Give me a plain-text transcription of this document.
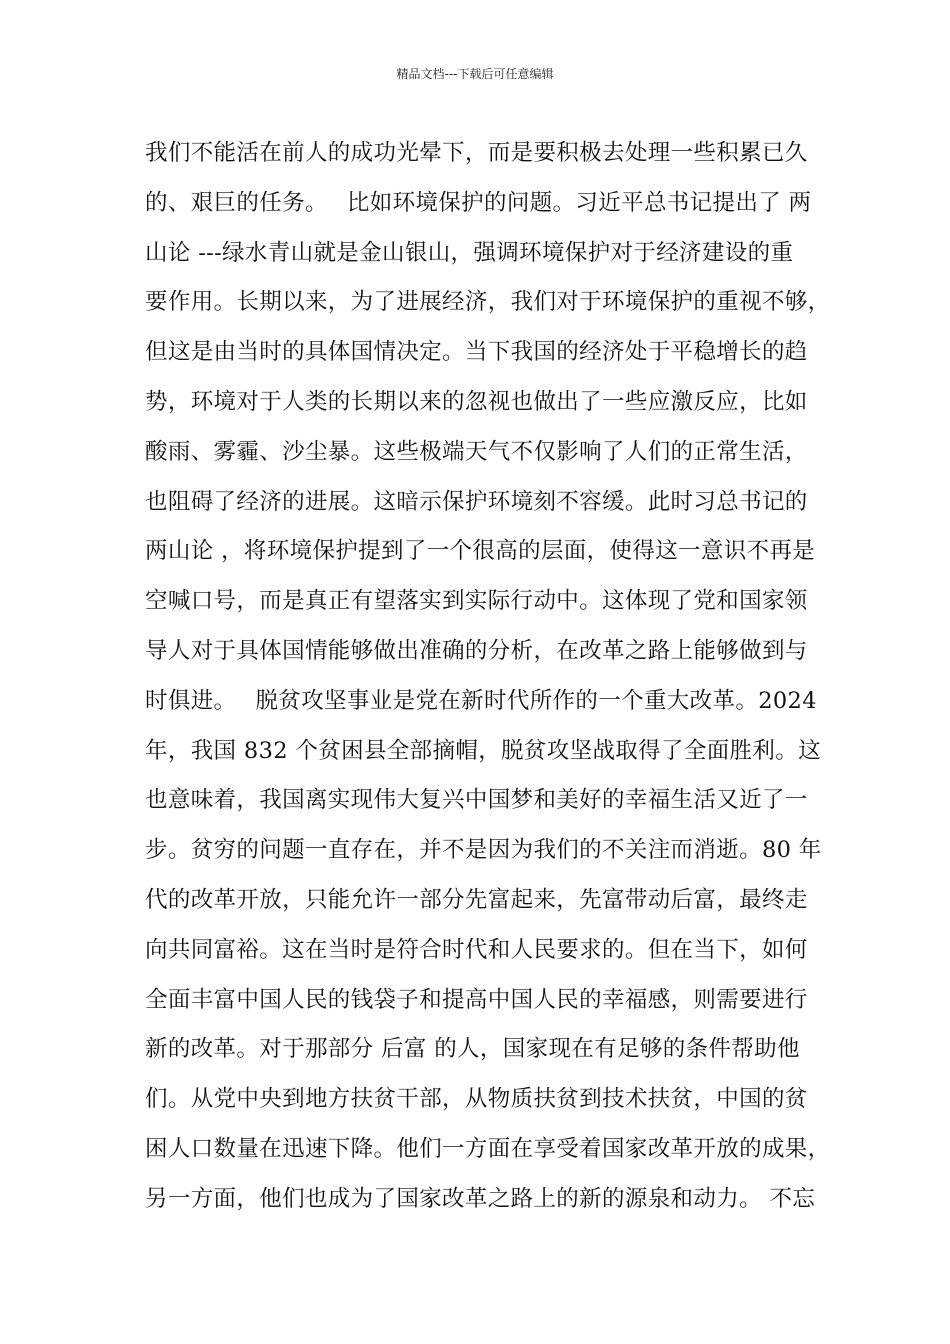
精品文档---下载后可任意编辑
我们不能活在前人的成功光晕下，而是要积极去处理一些积累已久
的、艰巨的任务。　 比如环境保护的问题。习近平总书记提出了 两
山论 ---绿水青山就是金山银山，强调环境保护对于经济建设的重
要作用。长期以来，为了进展经济，我们对于环境保护的重视不够，
但这是由当时的具体国情决定。当下我国的经济处于平稳增长的趋
势，环境对于人类的长期以来的忽视也做出了一些应激反应，比如
酸雨、雾霾、沙尘暴。这些极端天气不仅影响了人们的正常生活，
也阻碍了经济的进展。这暗示保护环境刻不容缓。此时习总书记的
两山论 ，将环境保护提到了一个很高的层面，使得这一意识不再是
空喊口号，而是真正有望落实到实际行动中。这体现了党和国家领
导人对于具体国情能够做出准确的分析，在改革之路上能够做到与
时俱进。　 脱贫攻坚事业是党在新时代所作的一个重大改革。2024
年，我国 832 个贫困县全部摘帽，脱贫攻坚战取得了全面胜利。这
也意味着，我国离实现伟大复兴中国梦和美好的幸福生活又近了一
步。贫穷的问题一直存在，并不是因为我们的不关注而消逝。80 年
代的改革开放，只能允许一部分先富起来，先富带动后富，最终走
向共同富裕。这在当时是符合时代和人民要求的。但在当下，如何
全面丰富中国人民的钱袋子和提高中国人民的幸福感，则需要进行
新的改革。对于那部分 后富 的人，国家现在有足够的条件帮助他
们。从党中央到地方扶贫干部，从物质扶贫到技术扶贫，中国的贫
困人口数量在迅速下降。他们一方面在享受着国家改革开放的成果，
另一方面，他们也成为了国家改革之路上的新的源泉和动力。 不忘
